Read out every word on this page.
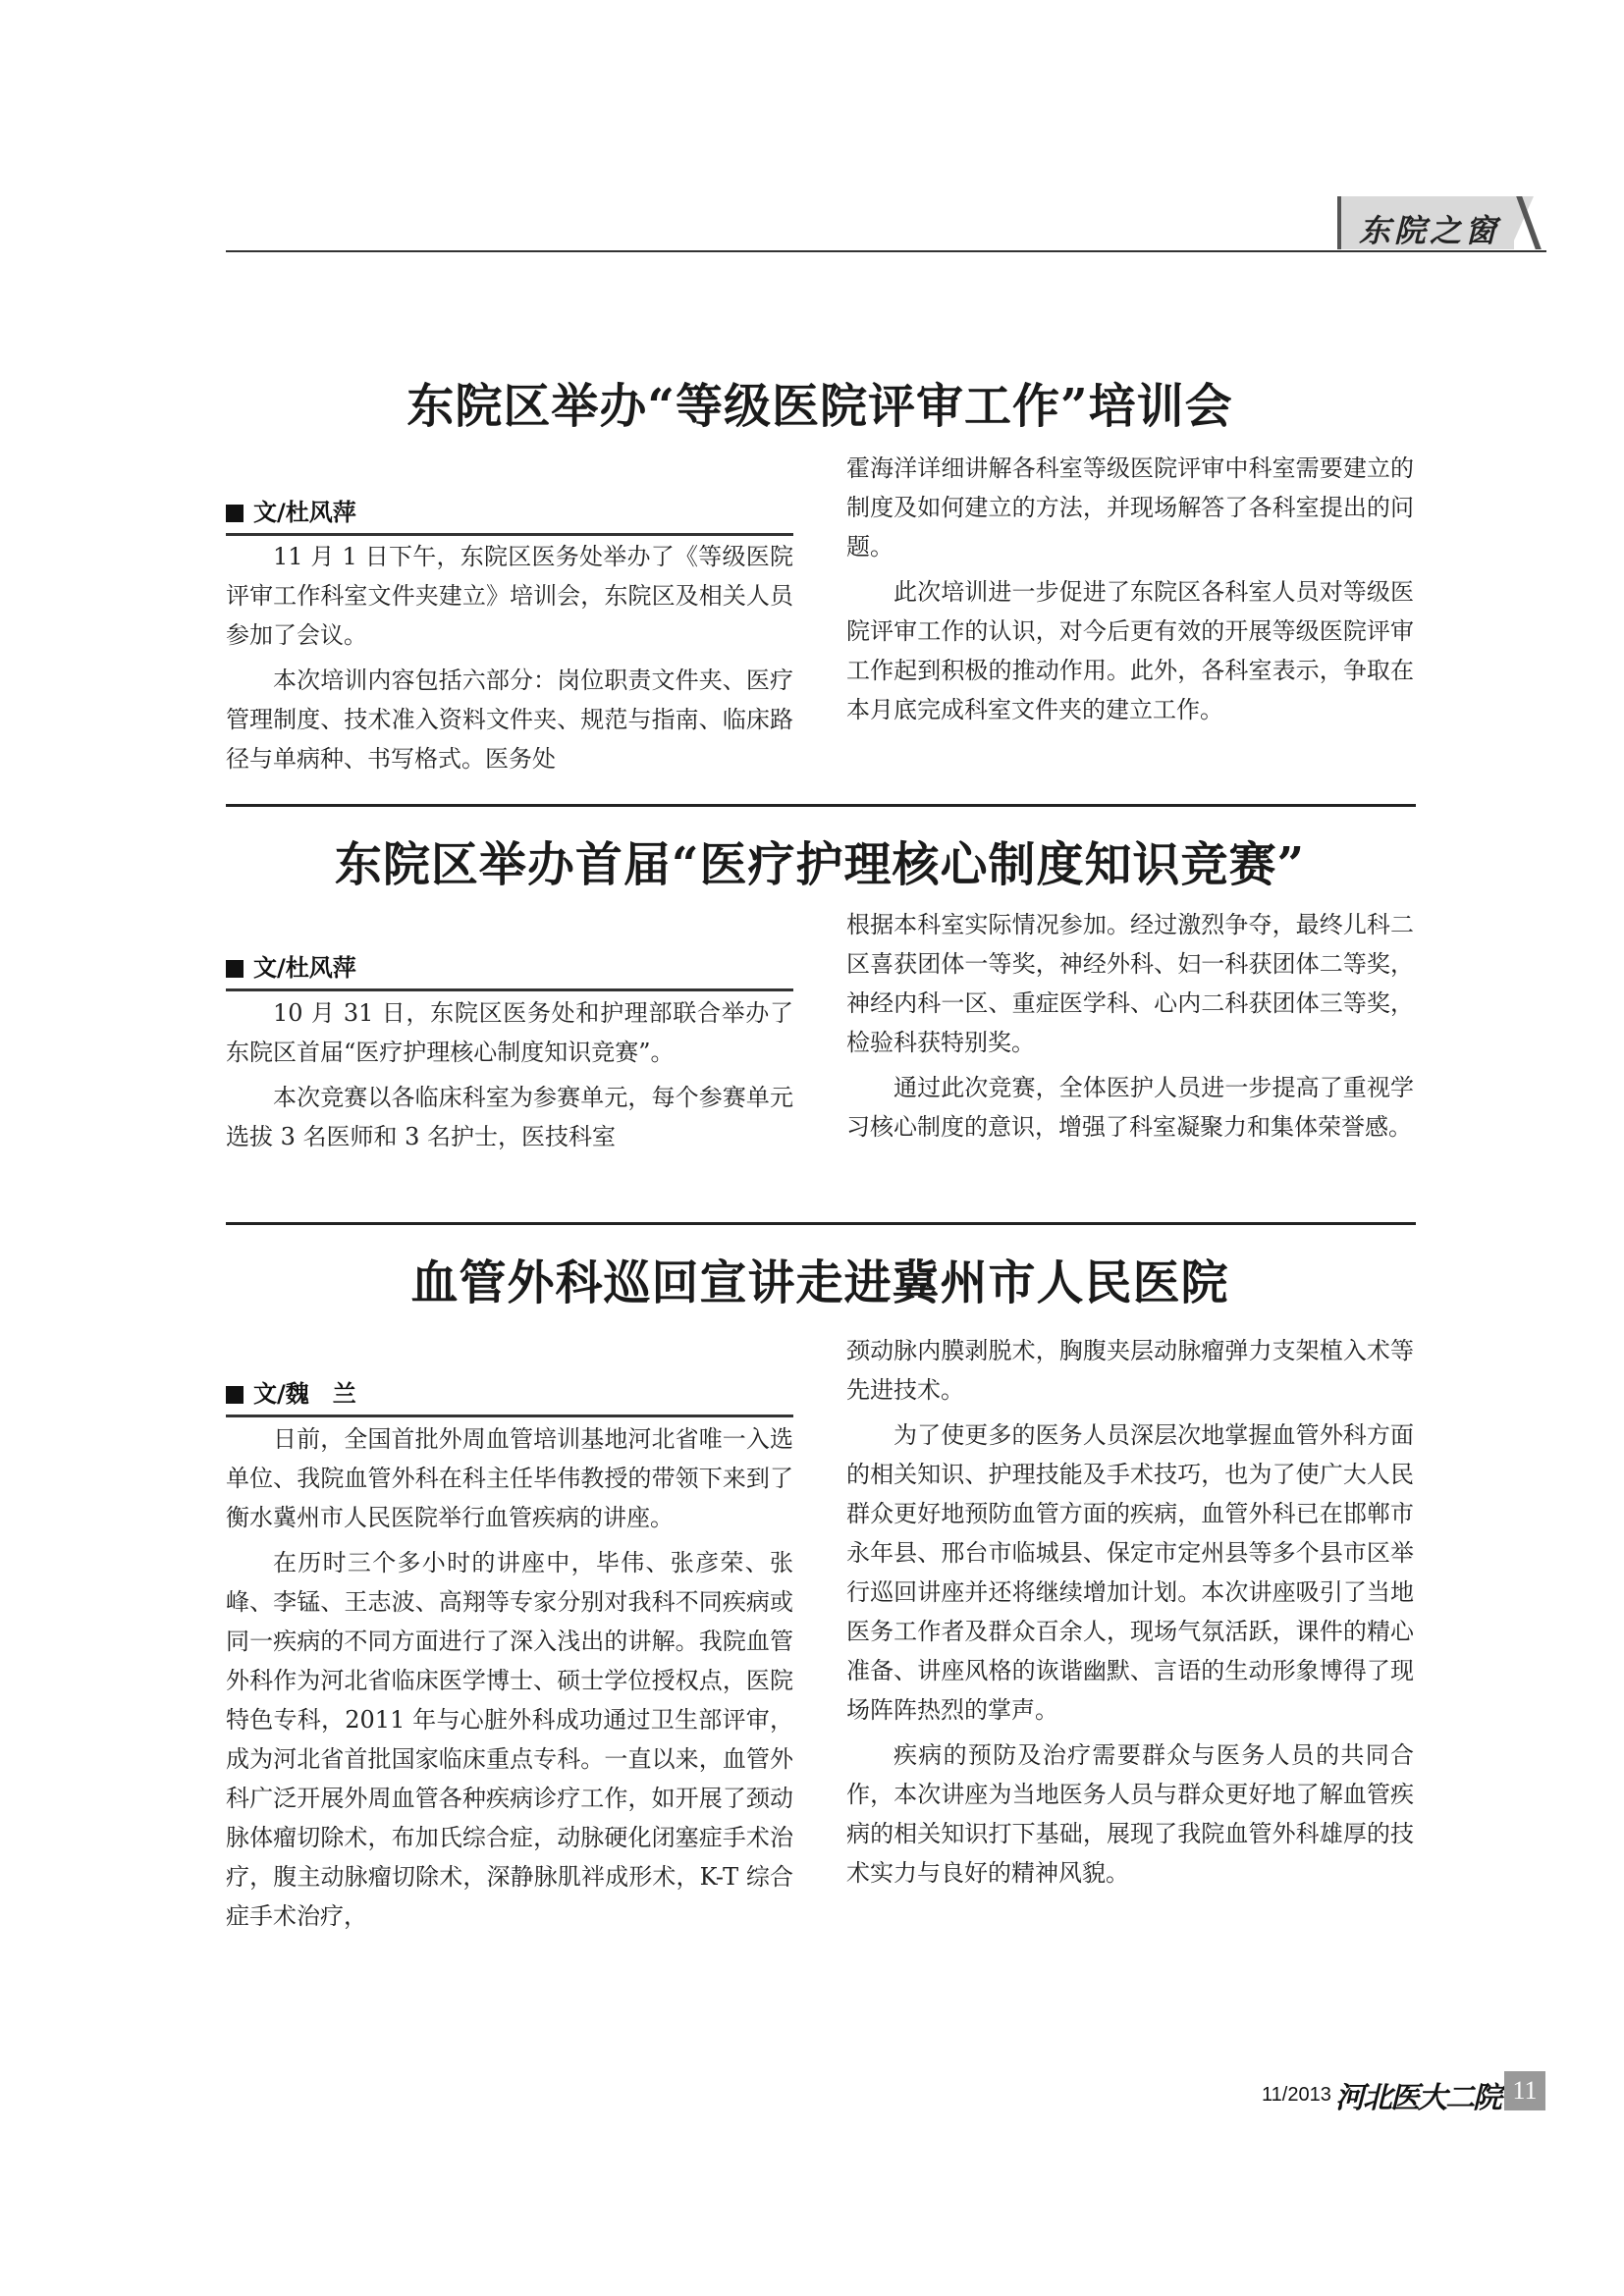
东院之窗
东院区举办“等级医院评审工作”培训会
文/杜风萍

11 月 1 日下午，东院区医务处举办了《等级医院评审工作科室文件夹建立》培训会，东院区及相关人员参加了会议。

本次培训内容包括六部分：岗位职责文件夹、医疗管理制度、技术准入资料文件夹、规范与指南、临床路径与单病种、书写格式。医务处

霍海洋详细讲解各科室等级医院评审中科室需要建立的制度及如何建立的方法，并现场解答了各科室提出的问题。

此次培训进一步促进了东院区各科室人员对等级医院评审工作的认识，对今后更有效的开展等级医院评审工作起到积极的推动作用。此外，各科室表示，争取在本月底完成科室文件夹的建立工作。

东院区举办首届“医疗护理核心制度知识竞赛”
文/杜风萍

10 月 31 日，东院区医务处和护理部联合举办了东院区首届“医疗护理核心制度知识竞赛”。

本次竞赛以各临床科室为参赛单元，每个参赛单元选拔 3 名医师和 3 名护士，医技科室

根据本科室实际情况参加。经过激烈争夺，最终儿科二区喜获团体一等奖，神经外科、妇一科获团体二等奖，神经内科一区、重症医学科、心内二科获团体三等奖，检验科获特别奖。

通过此次竞赛，全体医护人员进一步提高了重视学习核心制度的意识，增强了科室凝聚力和集体荣誉感。

血管外科巡回宣讲走进冀州市人民医院
文/魏　兰

日前，全国首批外周血管培训基地河北省唯一入选单位、我院血管外科在科主任毕伟教授的带领下来到了衡水冀州市人民医院举行血管疾病的讲座。

在历时三个多小时的讲座中，毕伟、张彦荣、张峰、李锰、王志波、高翔等专家分别对我科不同疾病或同一疾病的不同方面进行了深入浅出的讲解。我院血管外科作为河北省临床医学博士、硕士学位授权点，医院特色专科，2011 年与心脏外科成功通过卫生部评审，成为河北省首批国家临床重点专科。一直以来，血管外科广泛开展外周血管各种疾病诊疗工作，如开展了颈动脉体瘤切除术，布加氏综合症，动脉硬化闭塞症手术治疗，腹主动脉瘤切除术，深静脉肌袢成形术，K-T 综合症手术治疗，

颈动脉内膜剥脱术，胸腹夹层动脉瘤弹力支架植入术等先进技术。

为了使更多的医务人员深层次地掌握血管外科方面的相关知识、护理技能及手术技巧，也为了使广大人民群众更好地预防血管方面的疾病，血管外科已在邯郸市永年县、邢台市临城县、保定市定州县等多个县市区举行巡回讲座并还将继续增加计划。本次讲座吸引了当地医务工作者及群众百余人，现场气氛活跃，课件的精心准备、讲座风格的诙谐幽默、言语的生动形象博得了现场阵阵热烈的掌声。

疾病的预防及治疗需要群众与医务人员的共同合作，本次讲座为当地医务人员与群众更好地了解血管疾病的相关知识打下基础，展现了我院血管外科雄厚的技术实力与良好的精神风貌。

11/2013 河北医大二院 11
